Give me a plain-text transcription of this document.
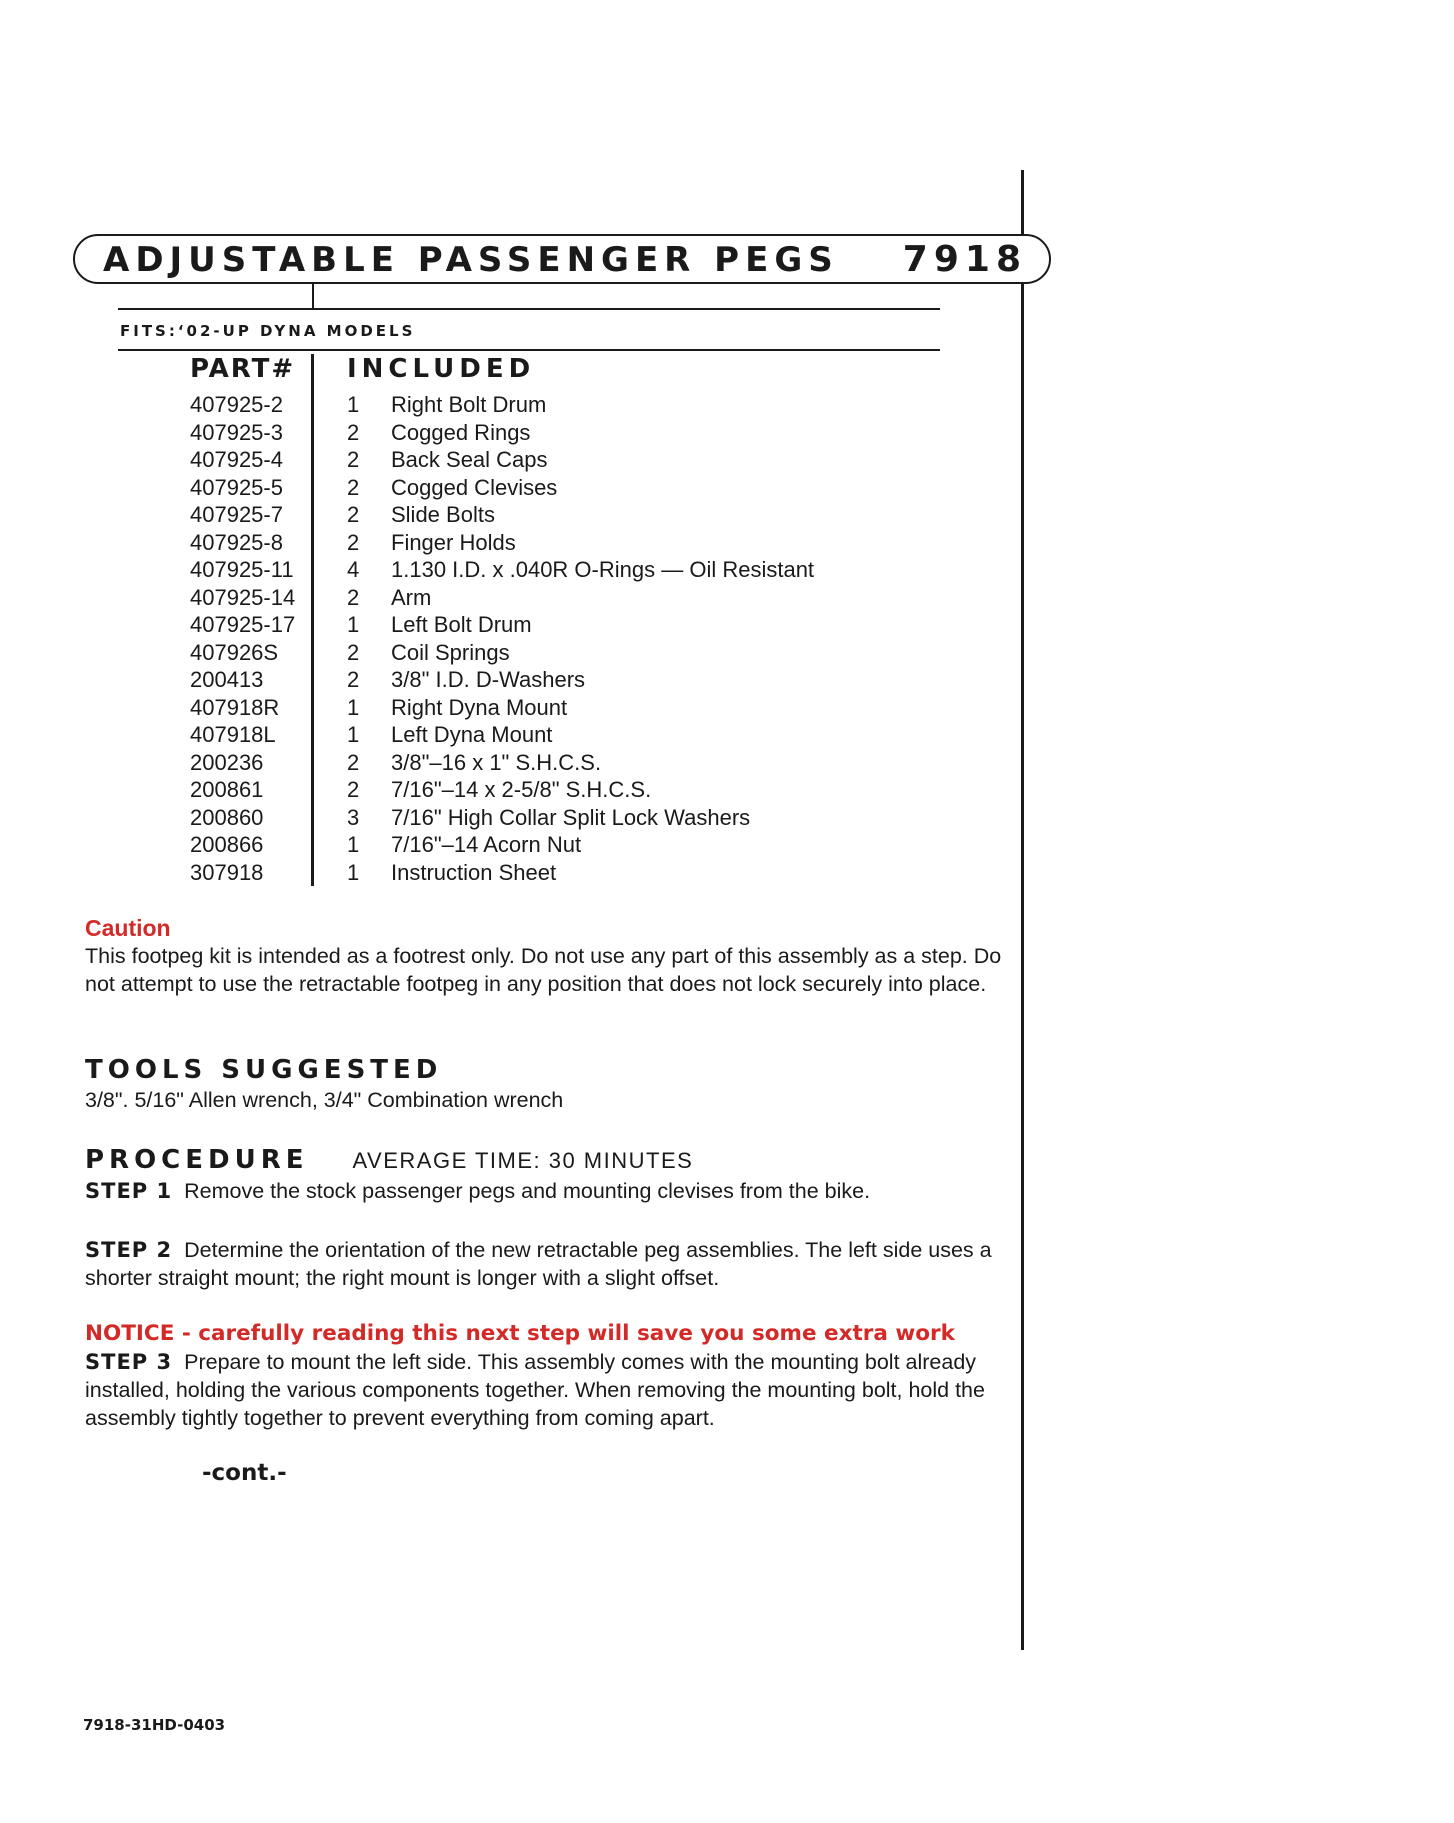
ADJUSTABLE PASSENGER PEGS 7918
FITS:‘02-UP DYNA MODELS
PART# INCLUDED
407925-2	1 Right Bolt Drum
407925-3	2 Cogged Rings
407925-4	2 Back Seal Caps
407925-5	2 Cogged Clevises
407925-7	2 Slide Bolts
407925-8	2 Finger Holds
407925-11 4 1.130 I.D. x .040R O-Rings — Oil Resistant
407925-14 2 Arm
407925-17 1 Left Bolt Drum
407926S	2 Coil Springs
200413	2 3/8" I.D. D-Washers
407918R	1 Right Dyna Mount
407918L	1 Left Dyna Mount
200236	2 3/8"–16 x 1" S.H.C.S.
200861	2 7/16"–14 x 2-5/8" S.H.C.S.
200860	3 7/16" High Collar Split Lock Washers
200866	1 7/16"–14 Acorn Nut
307918	1 Instruction Sheet
Caution
This footpeg kit is intended as a footrest only. Do not use any part of this assembly as a step. Do not attempt to use the retractable footpeg in any position that does not lock securely into place.
TOOLS SUGGESTED
3/8". 5/16" Allen wrench, 3/4" Combination wrench
PROCEDURE AVERAGE TIME: 30 MINUTES
STEP 1 Remove the stock passenger pegs and mounting clevises from the bike.
STEP 2 Determine the orientation of the new retractable peg assemblies. The left side uses a shorter straight mount; the right mount is longer with a slight offset.
NOTICE - carefully reading this next step will save you some extra work
STEP 3 Prepare to mount the left side. This assembly comes with the mounting bolt already installed, holding the various components together. When removing the mounting bolt, hold the assembly tightly together to prevent everything from coming apart.
-cont.-
7918-31HD-0403
